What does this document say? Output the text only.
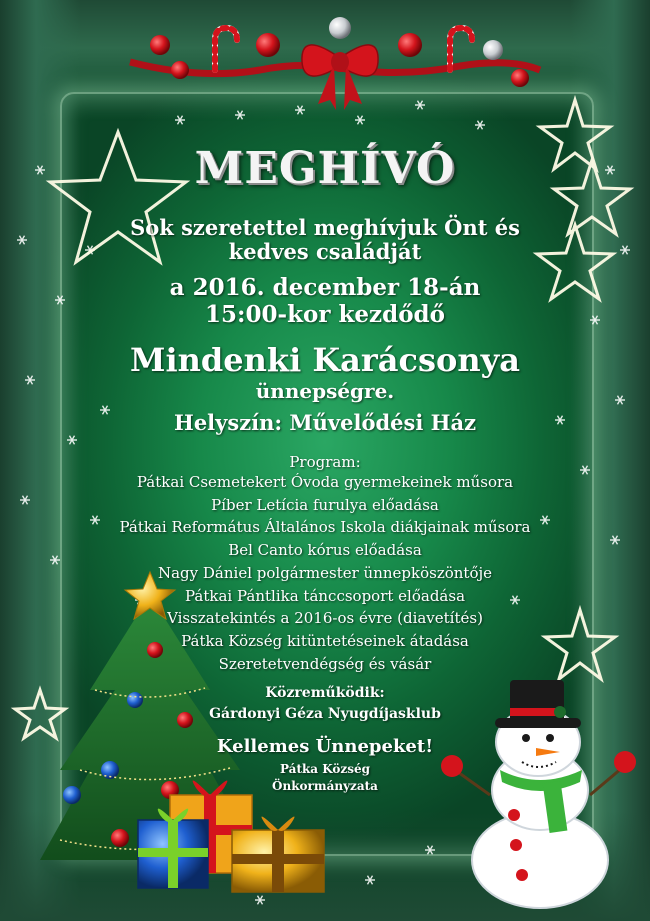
MEGHÍVÓ
Sok szeretettel meghívjuk Önt és
kedves családját
a 2016. december 18-án
15:00-kor kezdődő
Mindenki Karácsonya
ünnepségre.
Helyszín: Művelődési Ház
Program:
Pátkai Csemetekert Óvoda gyermekeinek műsora
Píber Letícia furulya előadása
Pátkai Református Általános Iskola diákjainak műsora
Bel Canto kórus előadása
Nagy Dániel polgármester ünnepköszöntője
Pátkai Pántlika tánccsoport előadása
Visszatekintés a 2016-os évre (diavetítés)
Pátka Község kitüntetéseinek átadása
Szeretetvendégség és vásár
Közreműködik:
Gárdonyi Géza Nyugdíjasklub
Kellemes Ünnepeket!
Pátka Község
Önkormányzata
